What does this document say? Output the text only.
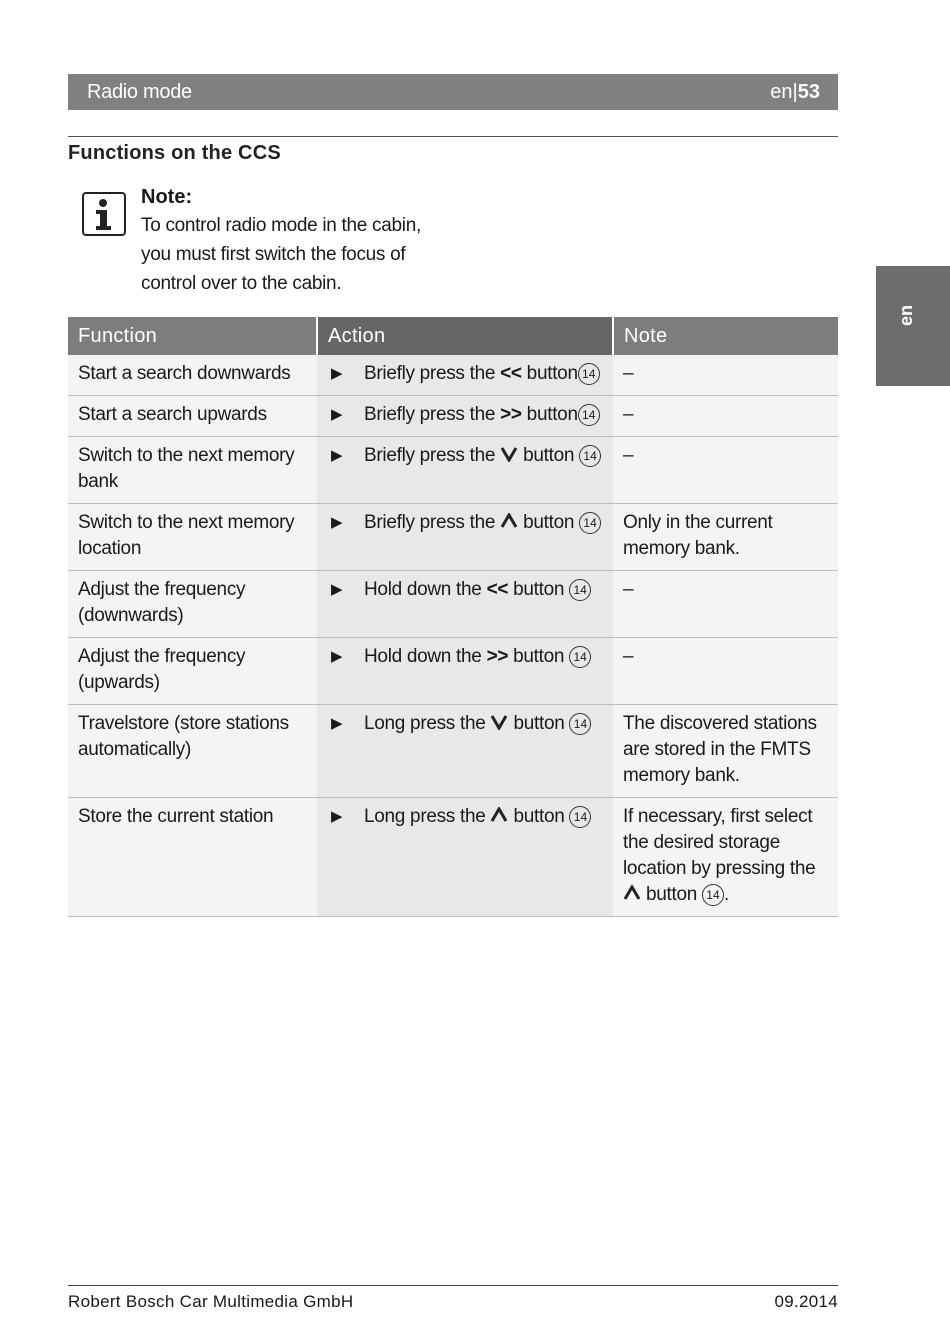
Radio mode	en|53
Functions on the CCS
Note:
To control radio mode in the cabin,
you must first switch the focus of
control over to the cabin.
Function	Action	Note
Start a search downwards	▶ Briefly press the << button 14	–
Start a search upwards	▶ Briefly press the >> button 14	–
Switch to the next memory bank	▶ Briefly press the  button 14	–
Switch to the next memory location	▶ Briefly press the  button 14	Only in the current memory bank.
Adjust the frequency (downwards)	▶ Hold down the << button 14	–
Adjust the frequency (upwards)	▶ Hold down the >> button 14	–
Travelstore (store stations automatically)	▶ Long press the  button 14	The discovered stations are stored in the FMTS memory bank.
Store the current station	▶ Long press the  button 14	If necessary, first select the desired storage location by pressing the
button 14 .
en
Robert Bosch Car Multimedia GmbH	09.2014
